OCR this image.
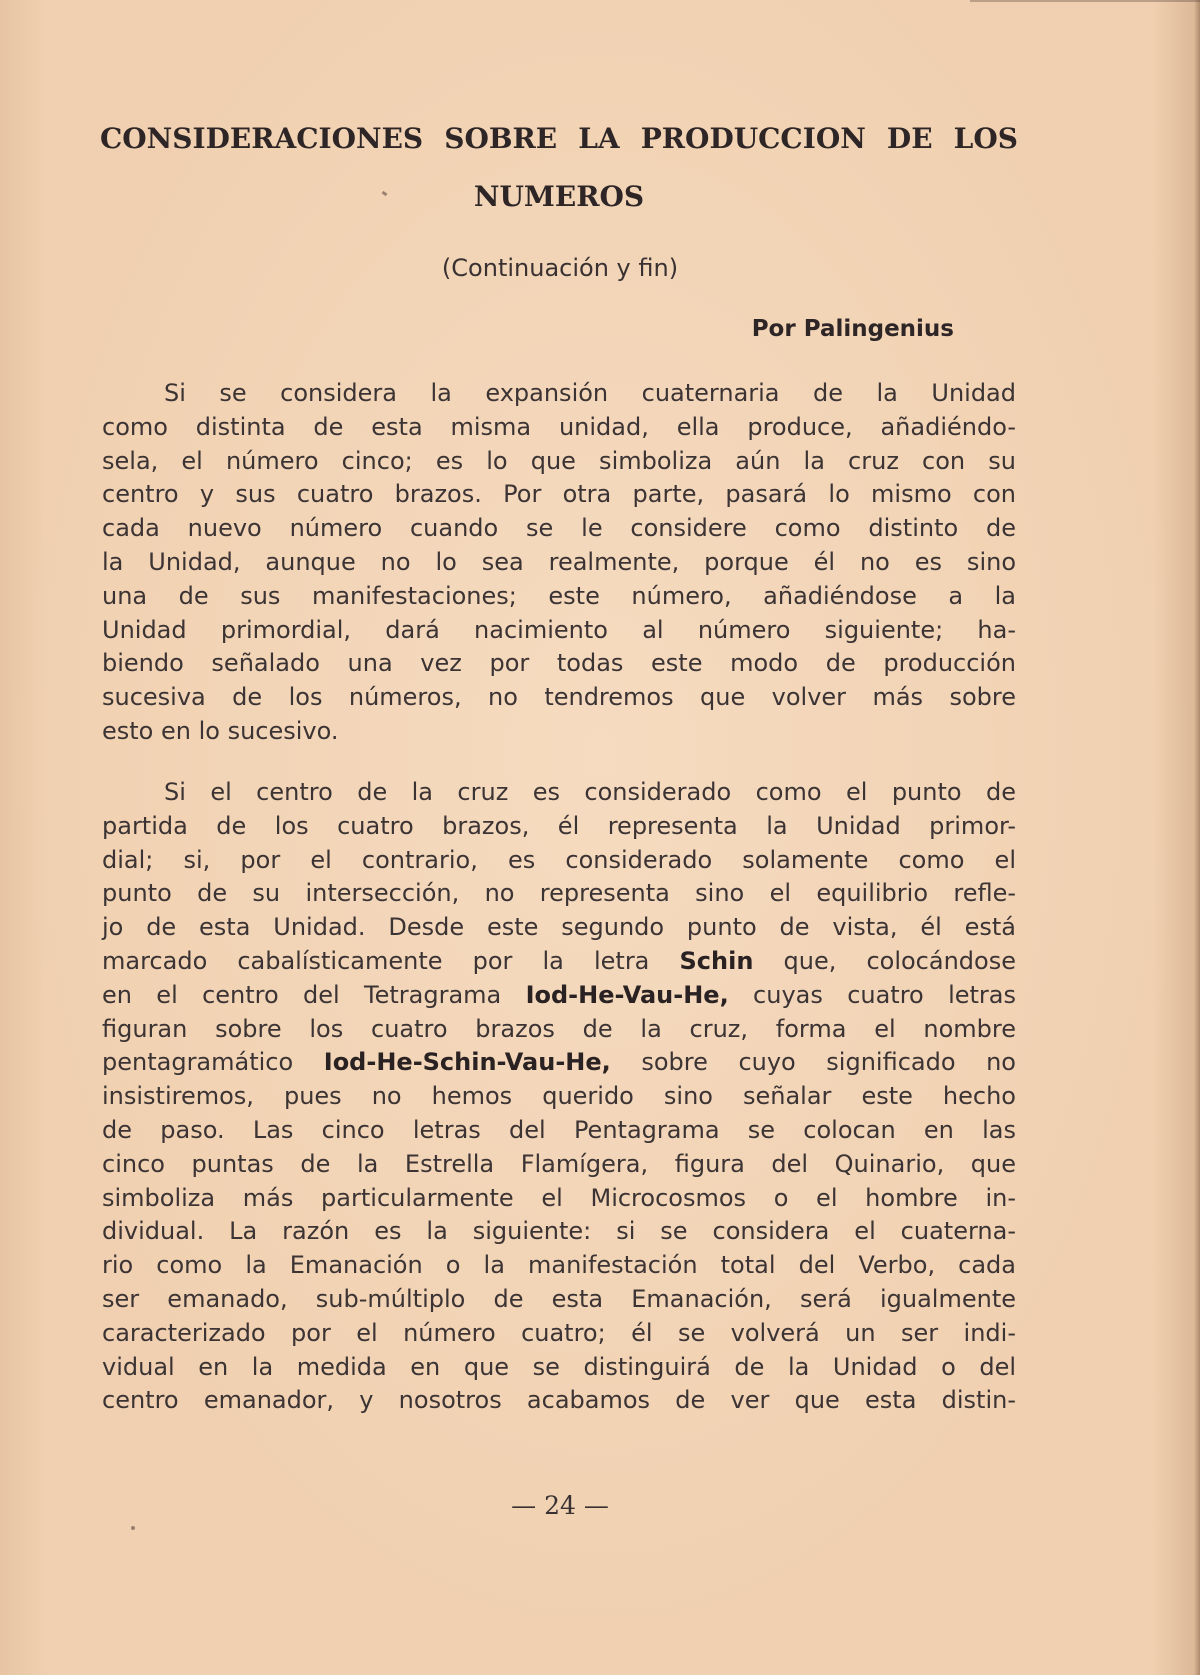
CONSIDERACIONES SOBRE LA PRODUCCION DE LOS
NUMEROS
(Continuación y fin)
Por Palingenius

Si se considera la expansión cuaternaria de la Unidad
como distinta de esta misma unidad, ella produce, añadiéndo-
sela, el número cinco; es lo que simboliza aún la cruz con su
centro y sus cuatro brazos. Por otra parte, pasará lo mismo con
cada nuevo número cuando se le considere como distinto de
la Unidad, aunque no lo sea realmente, porque él no es sino
una de sus manifestaciones; este número, añadiéndose a la
Unidad primordial, dará nacimiento al número siguiente; ha-
biendo señalado una vez por todas este modo de producción
sucesiva de los números, no tendremos que volver más sobre
esto en lo sucesivo.

Si el centro de la cruz es considerado como el punto de
partida de los cuatro brazos, él representa la Unidad primor-
dial; si, por el contrario, es considerado solamente como el
punto de su intersección, no representa sino el equilibrio refle-
jo de esta Unidad. Desde este segundo punto de vista, él está
marcado cabalísticamente por la letra Schin que, colocándose
en el centro del Tetragrama Iod-He-Vau-He, cuyas cuatro letras
figuran sobre los cuatro brazos de la cruz, forma el nombre
pentagramático Iod-He-Schin-Vau-He, sobre cuyo significado no
insistiremos, pues no hemos querido sino señalar este hecho
de paso. Las cinco letras del Pentagrama se colocan en las
cinco puntas de la Estrella Flamígera, figura del Quinario, que
simboliza más particularmente el Microcosmos o el hombre in-
dividual. La razón es la siguiente: si se considera el cuaterna-
rio como la Emanación o la manifestación total del Verbo, cada
ser emanado, sub-múltiplo de esta Emanación, será igualmente
caracterizado por el número cuatro; él se volverá un ser indi-
vidual en la medida en que se distinguirá de la Unidad o del
centro emanador, y nosotros acabamos de ver que esta distin-

— 24 —
